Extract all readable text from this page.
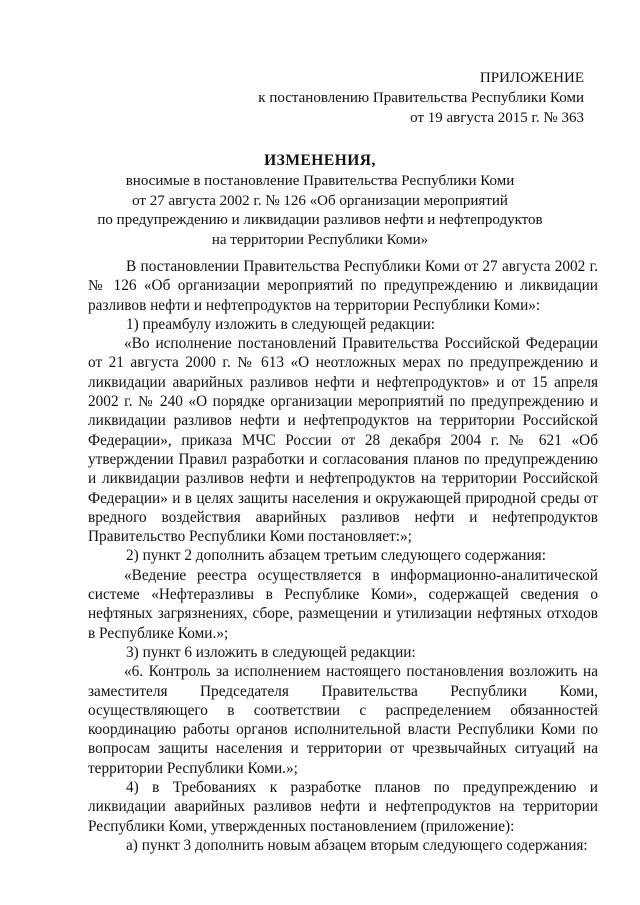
ПРИЛОЖЕНИЕ
к постановлению Правительства Республики Коми
от 19 августа 2015 г. № 363
ИЗМЕНЕНИЯ,
вносимые в постановление Правительства Республики Коми
от 27 августа 2002 г. № 126 «Об организации мероприятий
по предупреждению и ликвидации разливов нефти и нефтепродуктов
на территории Республики Коми»

В постановлении Правительства Республики Коми от 27 августа 2002 г. № 126 «Об организации мероприятий по предупреждению и ликвидации разливов нефти и нефтепродуктов на территории Республики Коми»:

1) преамбулу изложить в следующей редакции:

«Во исполнение постановлений Правительства Российской Федерации от 21 августа 2000 г. № 613 «О неотложных мерах по предупреждению и ликвидации аварийных разливов нефти и нефтепродуктов» и от 15 апреля 2002 г. № 240 «О порядке организации мероприятий по предупреждению и ликвидации разливов нефти и нефтепродуктов на территории Российской Федерации», приказа МЧС России от 28 декабря 2004 г. № 621 «Об утверждении Правил разработки и согласования планов по предупреждению и ликвидации разливов нефти и нефтепродуктов на территории Российской Федерации» и в целях защиты населения и окружающей природной среды от вредного воздействия аварийных разливов нефти и нефтепродуктов Правительство Республики Коми постановляет:»;

2) пункт 2 дополнить абзацем третьим следующего содержания:

«Ведение реестра осуществляется в информационно-аналитической системе «Нефтеразливы в Республике Коми», содержащей сведения о нефтяных загрязнениях, сборе, размещении и утилизации нефтяных отходов в Республике Коми.»;

3) пункт 6 изложить в следующей редакции:

«6. Контроль за исполнением настоящего постановления возложить на заместителя Председателя Правительства Республики Коми, осуществляющего в соответствии с распределением обязанностей координацию работы органов исполнительной власти Республики Коми по вопросам защиты населения и территории от чрезвычайных ситуаций на территории Республики Коми.»;

4) в Требованиях к разработке планов по предупреждению и ликвидации аварийных разливов нефти и нефтепродуктов на территории Республики Коми, утвержденных постановлением (приложение):

а) пункт 3 дополнить новым абзацем вторым следующего содержания:
